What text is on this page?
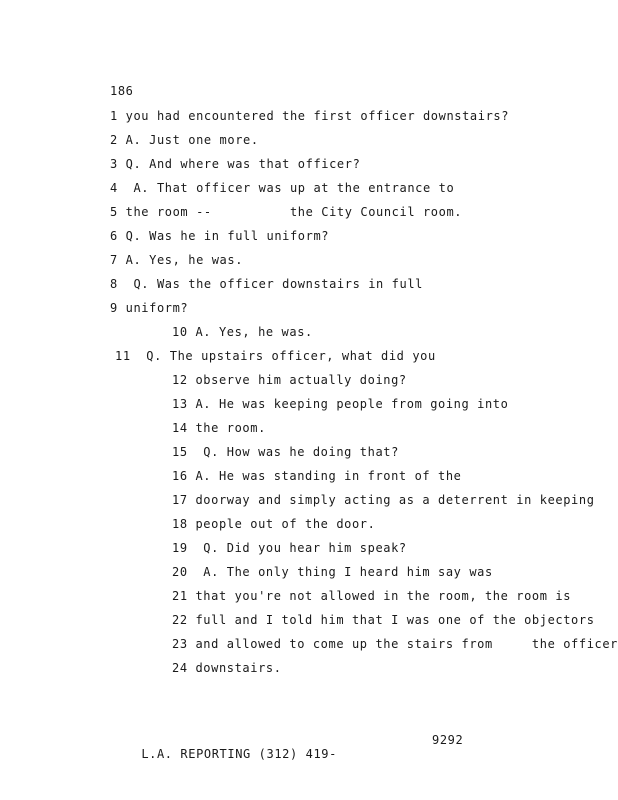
186
1 you had encountered the first officer downstairs?
2 A. Just one more.
3 Q. And where was that officer?
4  A. That officer was up at the entrance to
5 the room --          the City Council room.
6 Q. Was he in full uniform?
7 A. Yes, he was.
8  Q. Was the officer downstairs in full
9 uniform?
10 A. Yes, he was.
11  Q. The upstairs officer, what did you
12 observe him actually doing?
13 A. He was keeping people from going into
14 the room.
15  Q. How was he doing that?
16 A. He was standing in front of the
17 doorway and simply acting as a deterrent in keeping
18 people out of the door.
19  Q. Did you hear him speak?
20  A. The only thing I heard him say was
21 that you're not allowed in the room, the room is
22 full and I told him that I was one of the objectors
23 and allowed to come up the stairs from     the officer
24 downstairs.

L.A. REPORTING (312) 419-

9292
